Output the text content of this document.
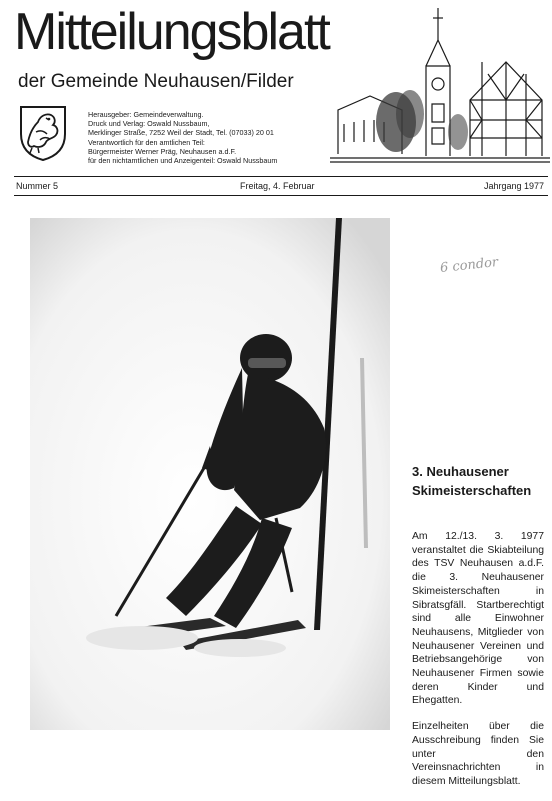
Mitteilungsblatt
der Gemeinde Neuhausen/Filder
Herausgeber: Gemeindeverwaltung.
Druck und Verlag: Oswald Nussbaum,
Merklinger Straße, 7252 Weil der Stadt, Tel. (07033) 20 01
Verantwortlich für den amtlichen Teil:
Bürgermeister Werner Präg, Neuhausen a.d.F.
für den nichtamtlichen und Anzeigenteil: Oswald Nussbaum
Nummer 5	Freitag, 4. Februar	Jahrgang 1977
6 condor
3. Neuhausener
Skimeisterschaften

Am 12./13. 3. 1977 veranstaltet die Skiabteilung des TSV Neuhausen a.d.F. die 3. Neuhausener Skimeisterschaften in Sibratsgfäll. Startberechtigt sind alle Einwohner Neuhausens, Mitglieder von Neuhausener Vereinen und Betriebsangehörige von Neuhausener Firmen sowie deren Kinder und Ehegatten.

Einzelheiten über die Ausschreibung finden Sie unter den Vereinsnachrichten in diesem Mitteilungsblatt.
